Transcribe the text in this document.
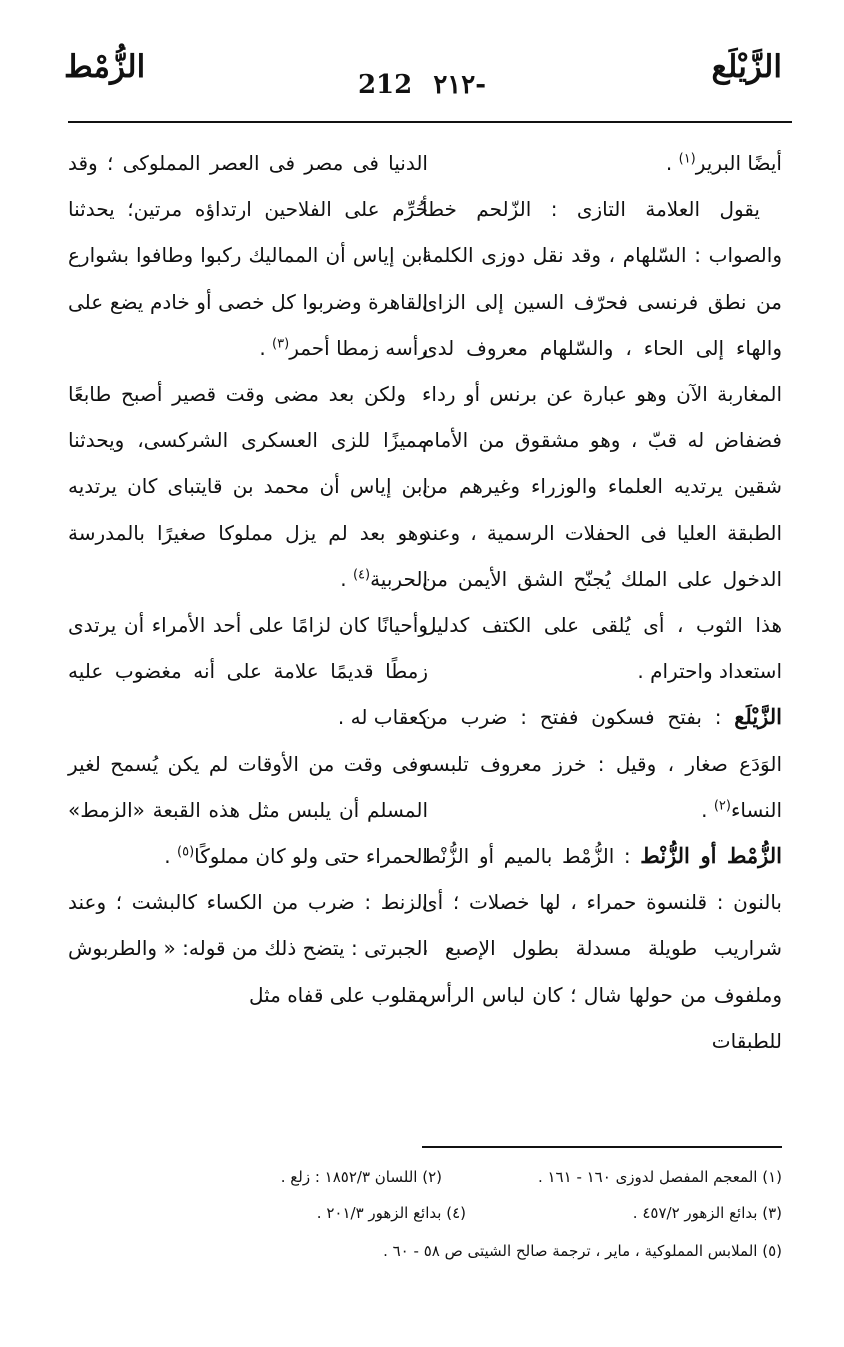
الزَّيْلَع
212 ٢١٢-
الزُّمْط

أيضًا البرير$^{(١)}$ .

يقول العلامة التازى : الزّلحم خطأ والصواب : السّلهام ، وقد نقل دوزى الكلمة من نطق فرنسى فحرّف السين إلى الزاى والهاء إلى الحاء ، والسّلهام معروف لدى المغاربة الآن وهو عبارة عن برنس أو رداء فضفاض له قبّ ، وهو مشقوق من الأمام شقين يرتديه العلماء والوزراء وغيرهم من الطبقة العليا فى الحفلات الرسمية ، وعند الدخول على الملك يُجنّح الشق الأيمن من هذا الثوب ، أى يُلقى على الكتف كدليل استعداد واحترام .

الزَّيْلَع : بفتح فسكون ففتح : ضرب من الوَدَع صغار ، وقيل : خرز معروف تلبسه النساء$^{(٢)}$ .

الزُّمْط أو الزُّنْط : الزُّمْط بالميم أو الزُّنْط بالنون : قلنسوة حمراء ، لها خصلات ؛ أى شراريب طويلة مسدلة بطول الإصبع ، وملفوف من حولها شال ؛ كان لباس الرأس للطبقات

الدنيا فى مصر فى العصر المملوكى ؛ وقد حُرِّم على الفلاحين ارتداؤه مرتين؛ يحدثنا ابن إياس أن المماليك ركبوا وطافوا بشوارع القاهرة وضربوا كل خصى أو خادم يضع على رأسه زمطا أحمر$^{(٣)}$ .

ولكن بعد مضى وقت قصير أصبح طابعًا مميزًا للزى العسكرى الشركسى، ويحدثنا ابن إياس أن محمد بن قايتباى كان يرتديه وهو بعد لم يزل مملوكا صغيرًا بالمدرسة الحربية$^{(٤)}$ .

وأحيانًا كان لزامًا على أحد الأمراء أن يرتدى زمطًا قديمًا علامة على أنه مغضوب عليه كعقاب له .

وفى وقت من الأوقات لم يكن يُسمح لغير المسلم أن يلبس مثل هذه القبعة «الزمط» الحمراء حتى ولو كان مملوكًا$^{(٥)}$ .

الزنط : ضرب من الكساء كالبشت ؛ وعند الجبرتى : يتضح ذلك من قوله: « والطربوش مقلوب على قفاه مثل

(١) المعجم المفصل لدوزى ١٦٠ - ١٦١ .
(٢) اللسان ١٨٥٢/٣ : زلع .
(٣) بدائع الزهور ٤٥٧/٢ .
(٤) بدائع الزهور ٢٠١/٣ .
(٥) الملابس المملوكية ، ماير ، ترجمة صالح الشيتى ص ٥٨ - ٦٠ .
